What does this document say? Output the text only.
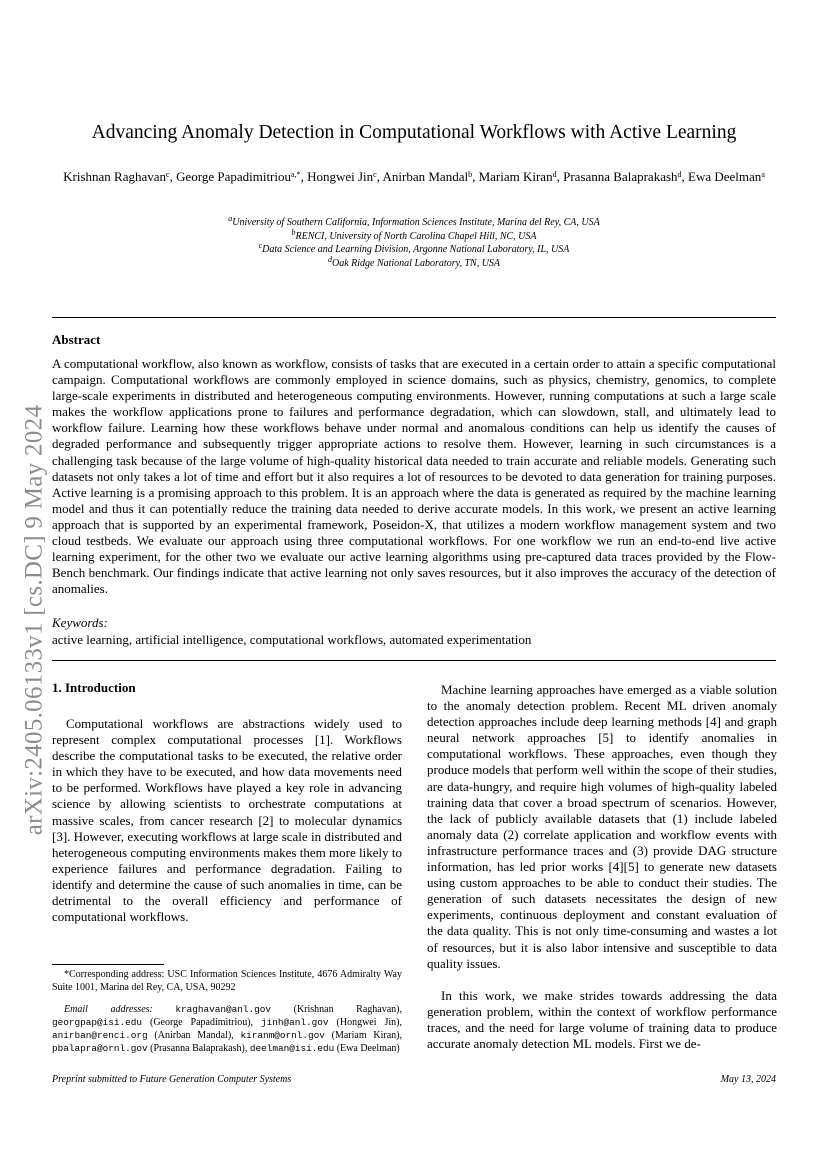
arXiv:2405.06133v1 [cs.DC] 9 May 2024
Advancing Anomaly Detection in Computational Workflows with Active Learning

Krishnan Raghavan$^c$, George Papadimitriou$^{a,*}$, Hongwei Jin$^c$, Anirban Mandal$^b$, Mariam Kiran$^d$, Prasanna Balaprakash$^d$, Ewa Deelman$^a$

$^a$University of Southern California, Information Sciences Institute, Marina del Rey, CA, USA
$^b$RENCI, University of North Carolina Chapel Hill, NC, USA
$^c$Data Science and Learning Division, Argonne National Laboratory, IL, USA
$^d$Oak Ridge National Laboratory, TN, USA
Abstract

A computational workflow, also known as workflow, consists of tasks that are executed in a certain order to attain a specific computational campaign. Computational workflows are commonly employed in science domains, such as physics, chemistry, genomics, to complete large-scale experiments in distributed and heterogeneous computing environments. However, running computations at such a large scale makes the workflow applications prone to failures and performance degradation, which can slowdown, stall, and ultimately lead to workflow failure. Learning how these workflows behave under normal and anomalous conditions can help us identify the causes of degraded performance and subsequently trigger appropriate actions to resolve them. However, learning in such circumstances is a challenging task because of the large volume of high-quality historical data needed to train accurate and reliable models. Generating such datasets not only takes a lot of time and effort but it also requires a lot of resources to be devoted to data generation for training purposes. Active learning is a promising approach to this problem. It is an approach where the data is generated as required by the machine learning model and thus it can potentially reduce the training data needed to derive accurate models. In this work, we present an active learning approach that is supported by an experimental framework, Poseidon-X, that utilizes a modern workflow management system and two cloud testbeds. We evaluate our approach using three computational workflows. For one workflow we run an end-to-end live active learning experiment, for the other two we evaluate our active learning algorithms using pre-captured data traces provided by the Flow-Bench benchmark. Our findings indicate that active learning not only saves resources, but it also improves the accuracy of the detection of anomalies.

Keywords:

active learning, artificial intelligence, computational workflows, automated experimentation

1. Introduction

Computational workflows are abstractions widely used to represent complex computational processes [1]. Workflows describe the computational tasks to be executed, the relative order in which they have to be executed, and how data movements need to be performed. Workflows have played a key role in advancing science by allowing scientists to orchestrate computations at massive scales, from cancer research [2] to molecular dynamics [3]. However, executing workflows at large scale in distributed and heterogeneous computing environments makes them more likely to experience failures and performance degradation. Failing to identify and determine the cause of such anomalies in time, can be detrimental to the overall efficiency and performance of computational workflows.

Machine learning approaches have emerged as a viable solution to the anomaly detection problem. Recent ML driven anomaly detection approaches include deep learning methods [4] and graph neural network approaches [5] to identify anomalies in computational workflows. These approaches, even though they produce models that perform well within the scope of their studies, are data-hungry, and require high volumes of high-quality labeled training data that cover a broad spectrum of scenarios. However, the lack of publicly available datasets that (1) include labeled anomaly data (2) correlate application and workflow events with infrastructure performance traces and (3) provide DAG structure information, has led prior works [4][5] to generate new datasets using custom approaches to be able to conduct their studies. The generation of such datasets necessitates the design of new experiments, continuous deployment and constant evaluation of the data quality. This is not only time-consuming and wastes a lot of resources, but it is also labor intensive and susceptible to data quality issues.

In this work, we make strides towards addressing the data generation problem, within the context of workflow performance traces, and the need for large volume of training data to produce accurate anomaly detection ML models. First we de-

*Corresponding address: USC Information Sciences Institute, 4676 Admiralty Way Suite 1001, Marina del Rey, CA, USA, 90292

Email addresses: kraghavan@anl.gov (Krishnan Raghavan), georgpap@isi.edu (George Papadimitriou), jinh@anl.gov (Hongwei Jin), anirban@renci.org (Anirban Mandal), kiranm@ornl.gov (Mariam Kiran), pbalapra@ornl.gov (Prasanna Balaprakash), deelman@isi.edu (Ewa Deelman)

Preprint submitted to Future Generation Computer Systems	May 13, 2024
